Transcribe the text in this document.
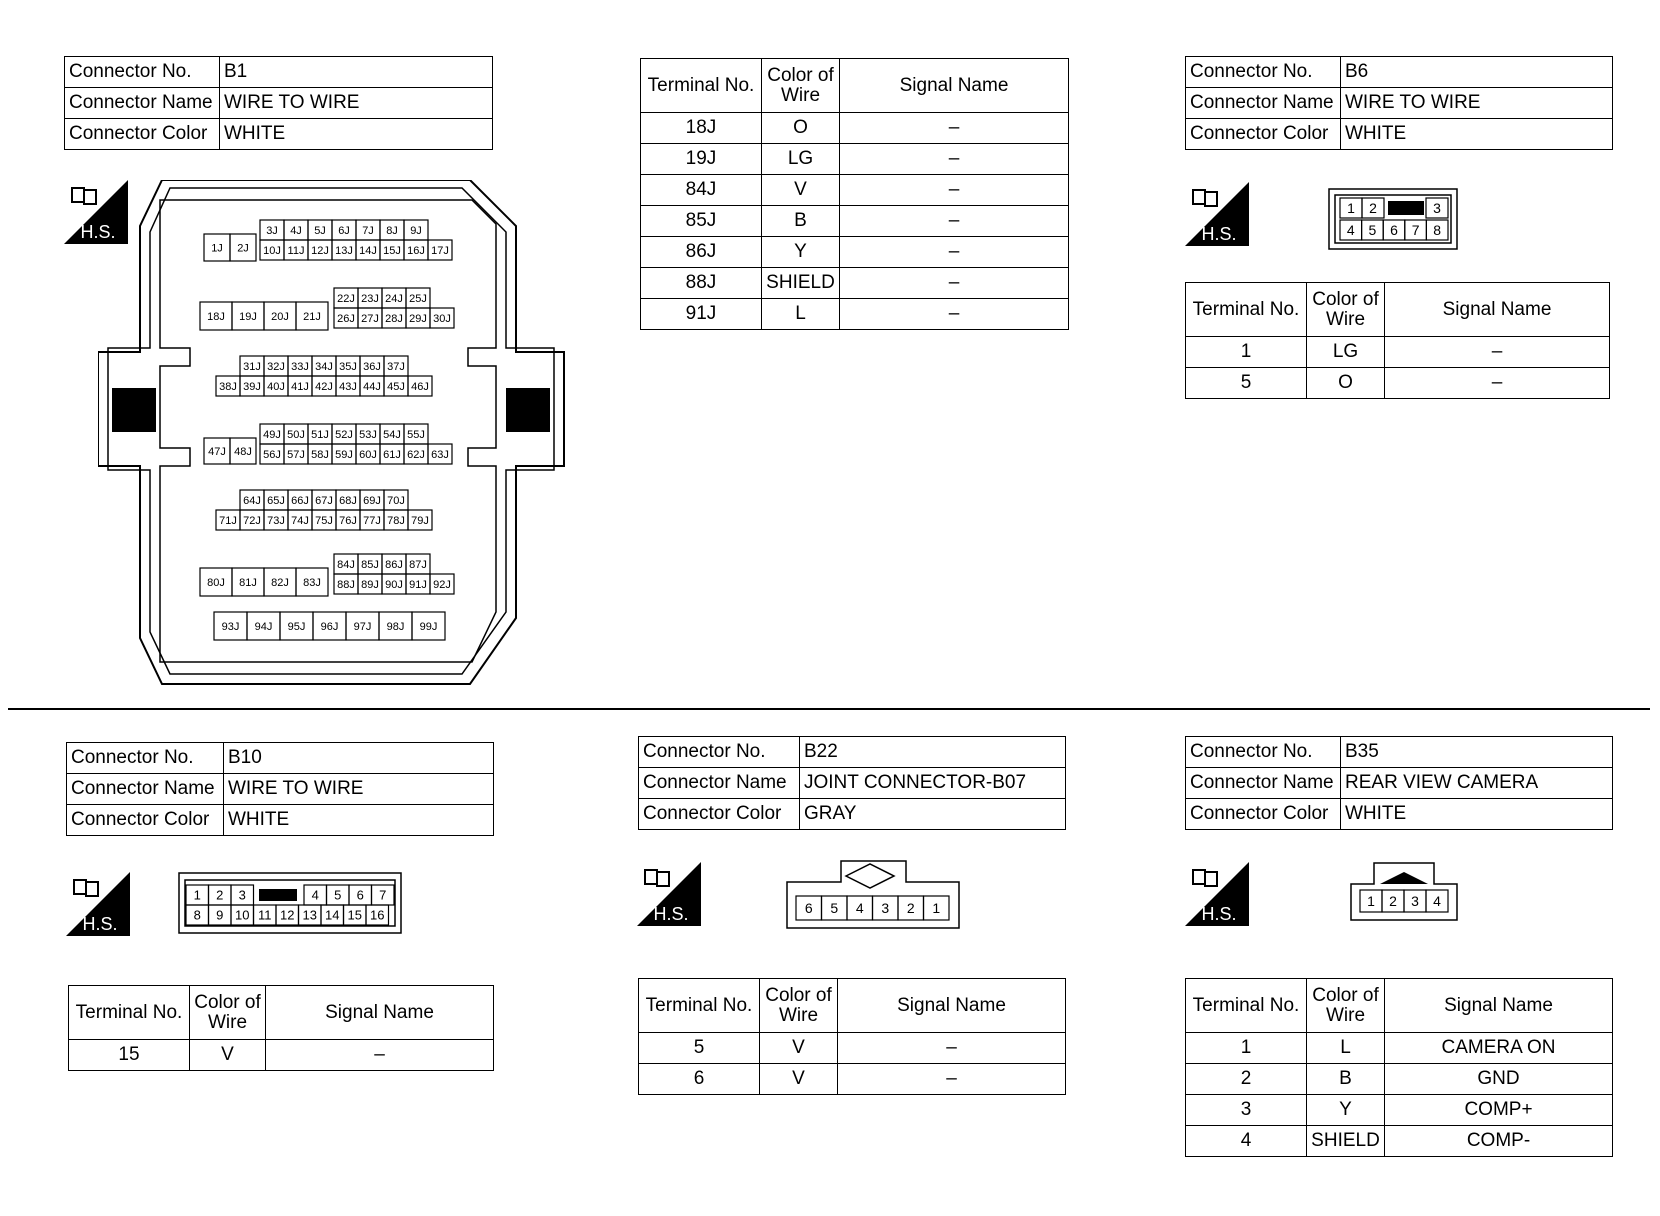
Connector No.	B1
Connector Name	WIRE TO WIRE
Connector Color	WHITE
H.S.	3J 4J 5J 6J 7J 8J 9J
1J 2J 10J 11J 12J 13J 14J 15J 16J 17J
22J 23J 24J 25J
18J 19J 20J 21J 26J 27J 28J 29J 30J
31J 32J 33J 34J 35J 36J 37J
38J 39J 40J 41J 42J 43J 44J 45J 46J
49J 50J 51J 52J 53J 54J 55J
47J 48J 56J 57J 58J 59J 60J 61J 62J 63J
64J 65J 66J 67J 68J 69J 70J
71J 72J 73J 74J 75J 76J 77J 78J 79J
84J 85J 86J 87J
80J 81J 82J 83J 88J 89J 90J 91J 92J
93J 94J 95J 96J 97J 98J 99J
Terminal No.	Color of Wire	Signal Name
18J	O	–
19J	LG	–
84J	V	–
85J	B	–
86J	Y	–
88J	SHIELD	–
91J	L	–
Connector No.	B6
Connector Name	WIRE TO WIRE
Connector Color	WHITE
H.S.
1 2	3
4 5 6 7 8
Terminal No.	Color of Wire	Signal Name
1	LG	–
5	O	–
Connector No.	B10
Connector Name	WIRE TO WIRE
Connector Color	WHITE
H.S.
1 2 3	4 5 6 7
8 9 10 11 12 13 14 15 16
Terminal No.	Color of Wire	Signal Name
15	V	–
Connector No.	B22
Connector Name	JOINT CONNECTOR-B07
Connector Color	GRAY
H.S.	6 5 4 3 2 1
Terminal No.	Color of Wire	Signal Name
5	V	–
6	V	–
Connector No.	B35
Connector Name	REAR VIEW CAMERA
Connector Color	WHITE
H.S.
1 2 3 4
Terminal No.	Color of Wire	Signal Name
1	L	CAMERA ON
2	B	GND
3	Y	COMP+
4	SHIELD	COMP-
